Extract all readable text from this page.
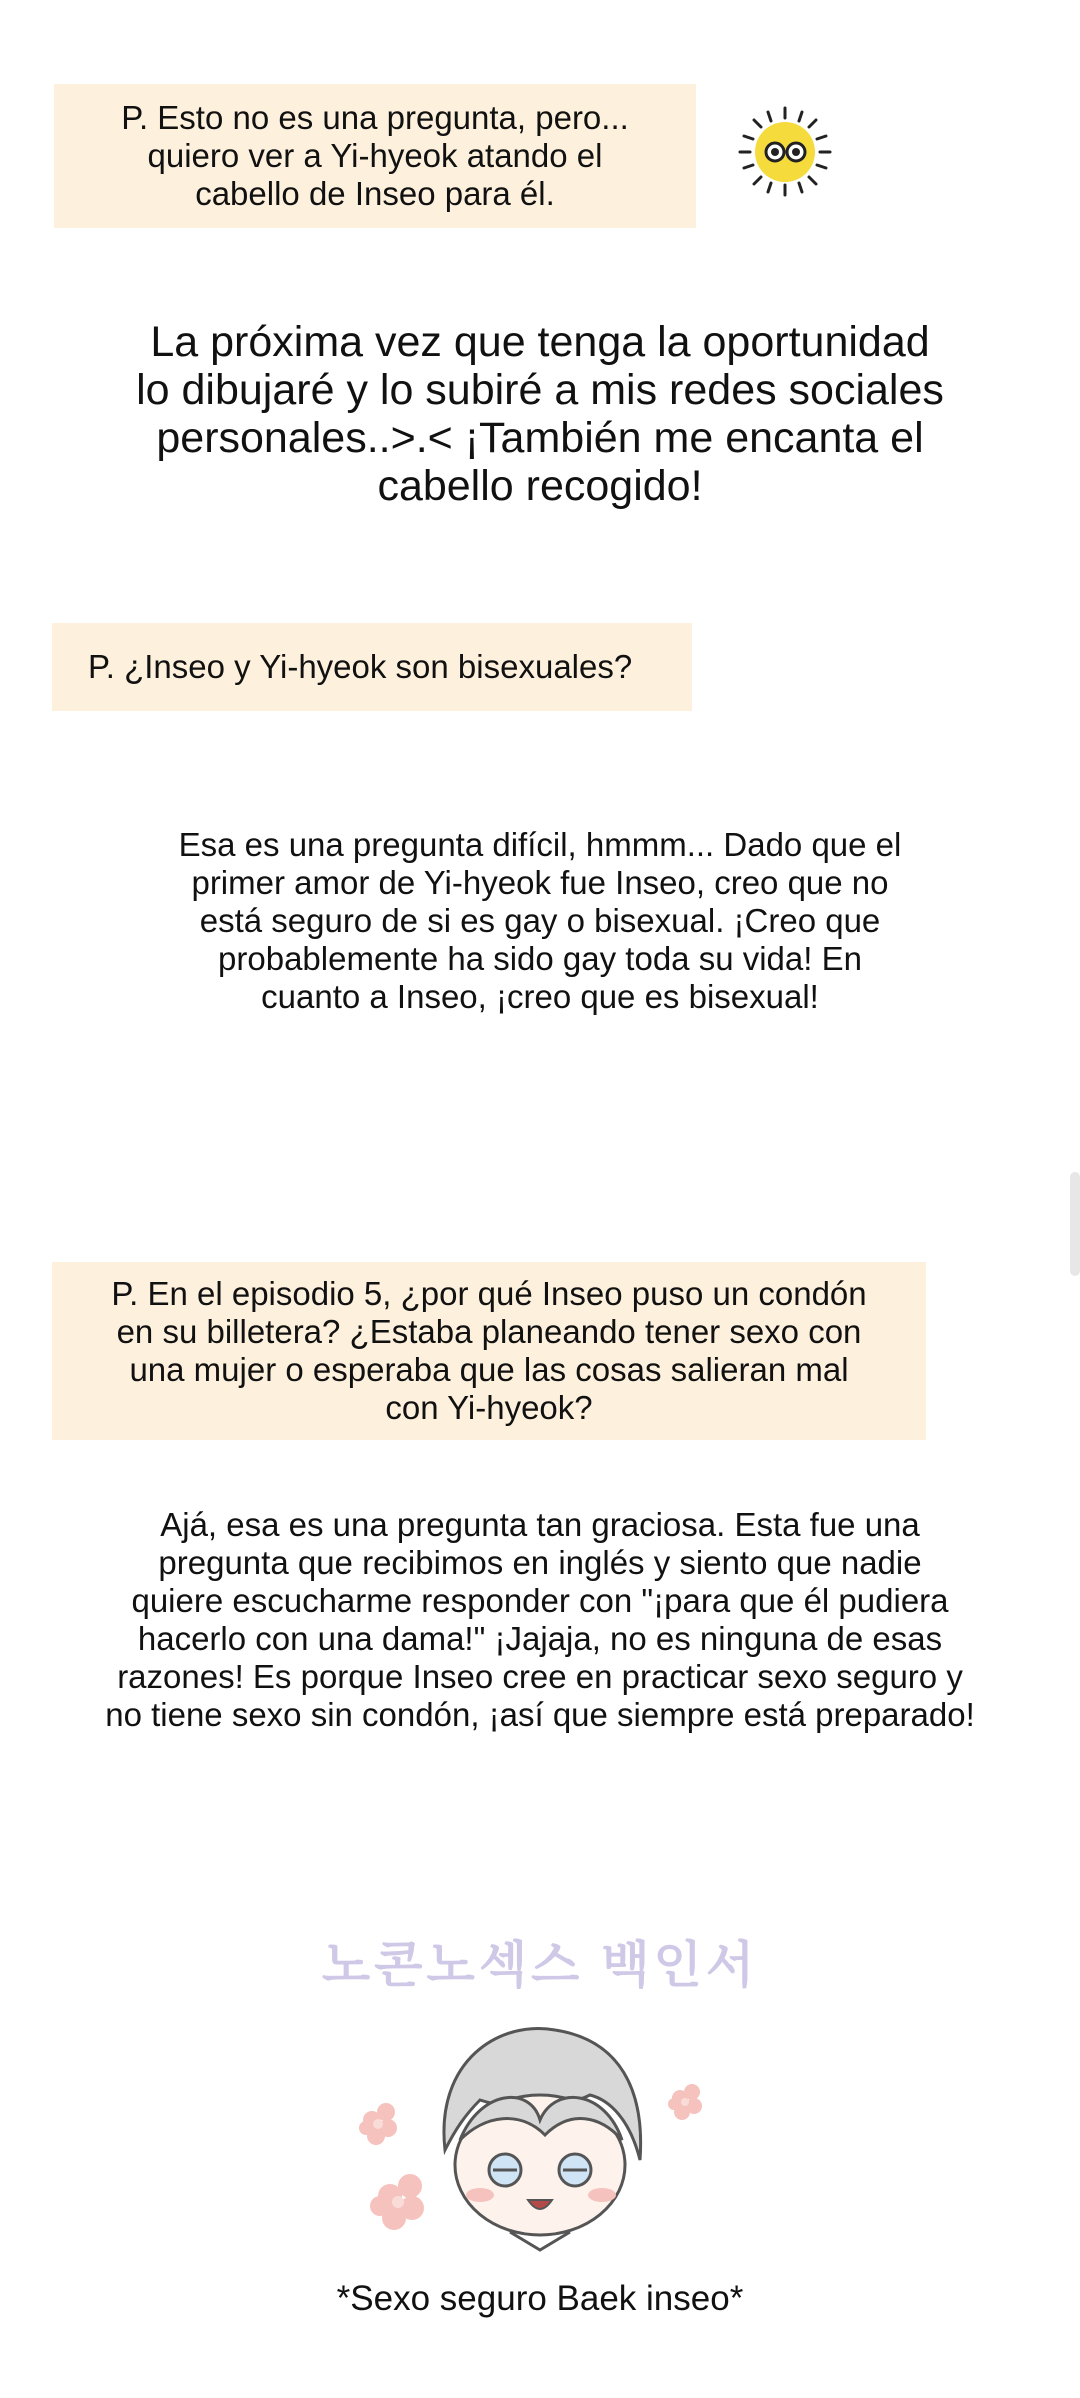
P. Esto no es una pregunta, pero...
quiero ver a Yi-hyeok atando el
cabello de Inseo para él.
La próxima vez que tenga la oportunidad
lo dibujaré y lo subiré a mis redes sociales
personales..>.< ¡También me encanta el
cabello recogido!
P. ¿Inseo y Yi-hyeok son bisexuales?
Esa es una pregunta difícil, hmmm... Dado que el
primer amor de Yi-hyeok fue Inseo, creo que no
está seguro de si es gay o bisexual. ¡Creo que
probablemente ha sido gay toda su vida! En
cuanto a Inseo, ¡creo que es bisexual!
P. En el episodio 5, ¿por qué Inseo puso un condón
en su billetera? ¿Estaba planeando tener sexo con
una mujer o esperaba que las cosas salieran mal
con Yi-hyeok?
Ajá, esa es una pregunta tan graciosa. Esta fue una
pregunta que recibimos en inglés y siento que nadie
quiere escucharme responder con "¡para que él pudiera
hacerlo con una dama!" ¡Jajaja, no es ninguna de esas
razones! Es porque Inseo cree en practicar sexo seguro y
no tiene sexo sin condón, ¡así que siempre está preparado!
노콘노섹스 백인서
*Sexo seguro Baek inseo*
